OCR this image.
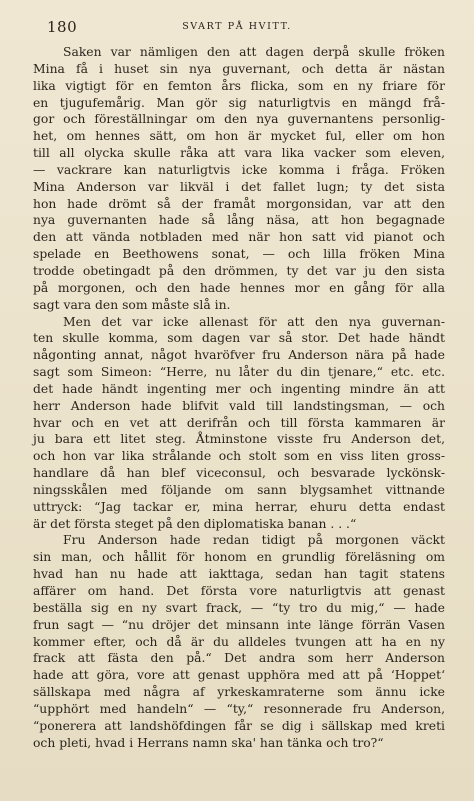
180	SVART PÅ HVITT.
Saken var nämligen den att dagen derpå skulle fröken
Mina få i huset sin nya guvernant, och detta är nästan
lika vigtigt för en femton års flicka, som en ny friare för
en tjugufemårig. Man gör sig naturligtvis en mängd frå-
gor och föreställningar om den nya guvernantens personlig-
het, om hennes sätt, om hon är mycket ful, eller om hon
till all olycka skulle råka att vara lika vacker som eleven,
— vackrare kan naturligtvis icke komma i fråga. Fröken
Mina Anderson var likväl i det fallet lugn; ty det sista
hon hade drömt så der framåt morgonsidan, var att den
nya guvernanten hade så lång näsa, att hon begagnade
den att vända notbladen med när hon satt vid pianot och
spelade en Beethowens sonat, — och lilla fröken Mina
trodde obetingadt på den drömmen, ty det var ju den sista
på morgonen, och den hade hennes mor en gång för alla
sagt vara den som måste slå in.
Men det var icke allenast för att den nya guvernan-
ten skulle komma, som dagen var så stor. Det hade händt
någonting annat, något hvaröfver fru Anderson nära på hade
sagt som Simeon: “Herre, nu låter du din tjenare,“ etc. etc.
det hade händt ingenting mer och ingenting mindre än att
herr Anderson hade blifvit vald till landstingsman, — och
hvar och en vet att derifrån och till första kammaren är
ju bara ett litet steg. Åtminstone visste fru Anderson det,
och hon var lika strålande och stolt som en viss liten gross-
handlare då han blef viceconsul, och besvarade lyckönsk-
ningsskålen med följande om sann blygsamhet vittnande
uttryck: “Jag tackar er, mina herrar, ehuru detta endast
är det första steget på den diplomatiska banan . . .“
Fru Anderson hade redan tidigt på morgonen väckt
sin man, och hållit för honom en grundlig föreläsning om
hvad han nu hade att iakttaga, sedan han tagit statens
affärer om hand. Det första vore naturligtvis att genast
beställa sig en ny svart frack, — “ty tro du mig,“ — hade
frun sagt — “nu dröjer det minsann inte länge förrän Vasen
kommer efter, och då är du alldeles tvungen att ha en ny
frack att fästa den på.“ Det andra som herr Anderson
hade att göra, vore att genast upphöra med att på ‘Hoppet‘
sällskapa med några af yrkeskamraterne som ännu icke
“upphört med handeln“ — “ty,“ resonnerade fru Anderson,
“ponerera att landshöfdingen får se dig i sällskap med kreti
och pleti, hvad i Herrans namn ska' han tänka och tro?“
